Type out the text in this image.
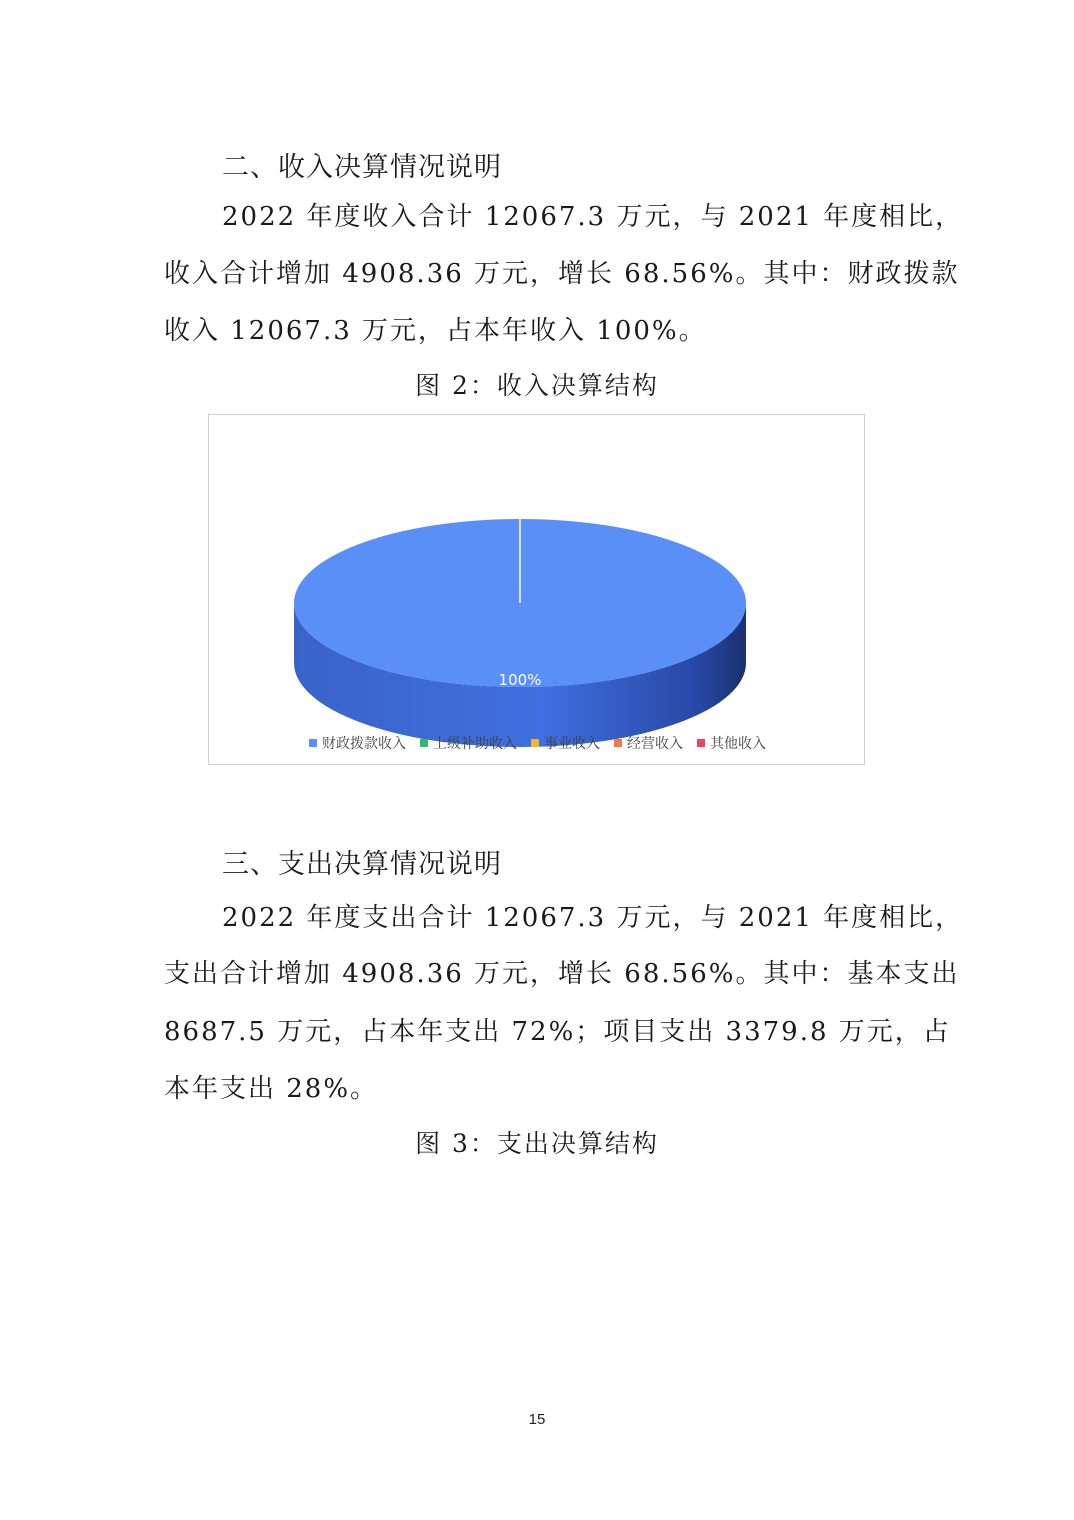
二、收入决算情况说明

2022 年度收入合计 12067.3 万元，与 2021 年度相比，

收入合计增加 4908.36 万元，增长 68.56%。其中：财政拨款

收入 12067.3 万元，占本年收入 100%。

图 2：收入决算结构

100%
财政拨款收入 上级补助收入 事业收入 经营收入 其他收入
三、支出决算情况说明

2022 年度支出合计 12067.3 万元，与 2021 年度相比，

支出合计增加 4908.36 万元，增长 68.56%。其中：基本支出

8687.5 万元，占本年支出 72%；项目支出 3379.8 万元，占

本年支出 28%。

图 3：支出决算结构

15
